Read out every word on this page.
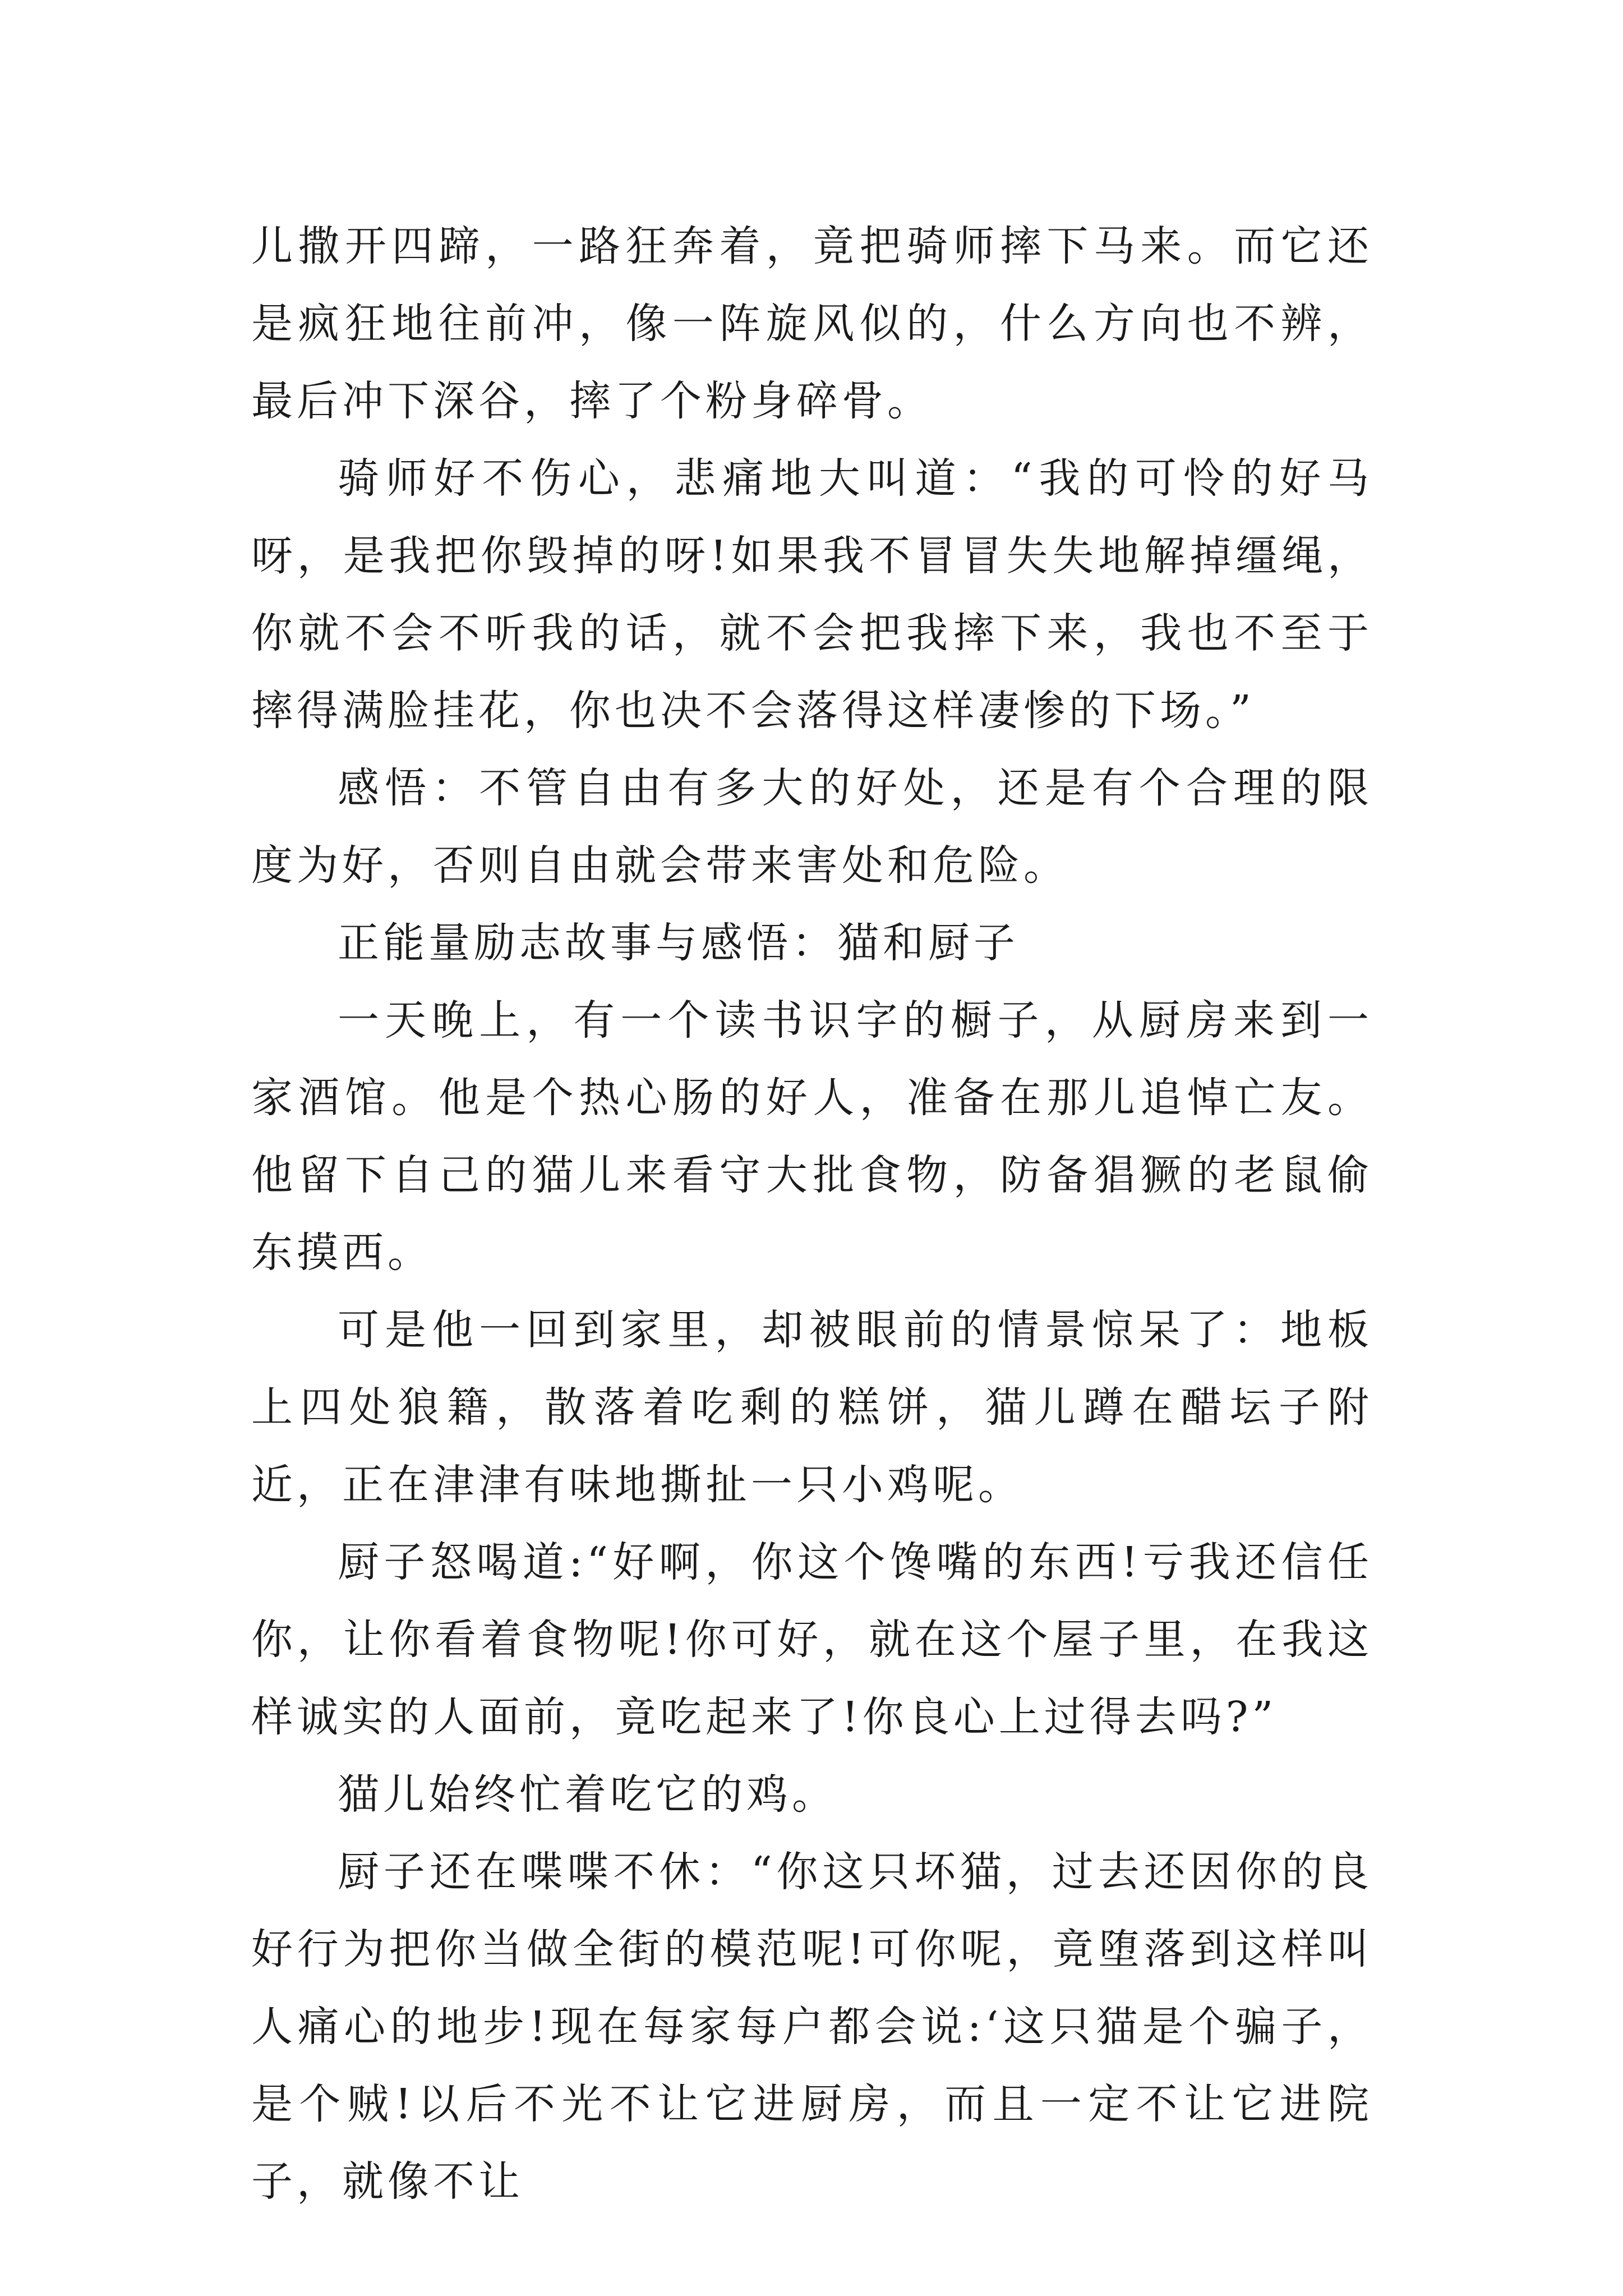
儿撒开四蹄，一路狂奔着，竟把骑师摔下马来。而它还是疯狂地往前冲，像一阵旋风似的，什么方向也不辨，最后冲下深谷，摔了个粉身碎骨。

骑师好不伤心，悲痛地大叫道：“我的可怜的好马呀，是我把你毁掉的呀!如果我不冒冒失失地解掉缰绳，你就不会不听我的话，就不会把我摔下来，我也不至于摔得满脸挂花，你也决不会落得这样凄惨的下场。”

感悟：不管自由有多大的好处，还是有个合理的限度为好，否则自由就会带来害处和危险。

正能量励志故事与感悟：猫和厨子

一天晚上，有一个读书识字的橱子，从厨房来到一家酒馆。他是个热心肠的好人，准备在那儿追悼亡友。他留下自己的猫儿来看守大批食物，防备猖獗的老鼠偷东摸西。

可是他一回到家里，却被眼前的情景惊呆了：地板上四处狼籍，散落着吃剩的糕饼，猫儿蹲在醋坛子附近，正在津津有味地撕扯一只小鸡呢。

厨子怒喝道:“好啊，你这个馋嘴的东西!亏我还信任你，让你看着食物呢!你可好，就在这个屋子里，在我这样诚实的人面前，竟吃起来了!你良心上过得去吗?”

猫儿始终忙着吃它的鸡。

厨子还在喋喋不休：“你这只坏猫，过去还因你的良好行为把你当做全街的模范呢!可你呢，竟堕落到这样叫人痛心的地步!现在每家每户都会说:‘这只猫是个骗子，是个贼!以后不光不让它进厨房，而且一定不让它进院子，就像不让
